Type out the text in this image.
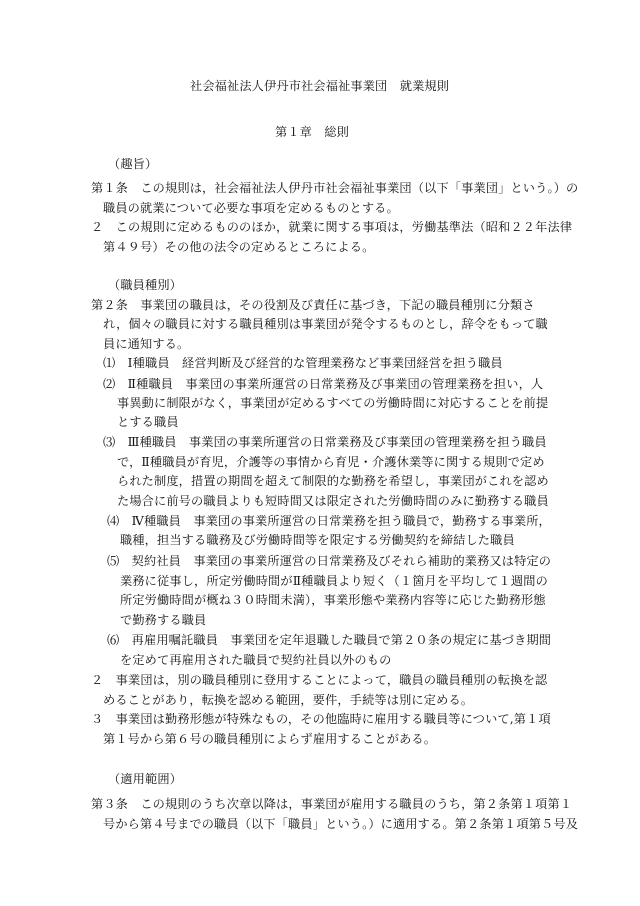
社会福祉法人伊丹市社会福祉事業団　就業規則
第１章　総則
（趣旨）
第１条　この規則は，社会福祉法人伊丹市社会福祉事業団（以下「事業団」という。）の
職員の就業について必要な事項を定めるものとする。
２　この規則に定めるもののほか，就業に関する事項は，労働基準法（昭和２２年法律
第４９号）その他の法令の定めるところによる。
（職員種別）
第２条　事業団の職員は，その役割及び責任に基づき，下記の職員種別に分類さ
れ，個々の職員に対する職員種別は事業団が発令するものとし，辞令をもって職
員に通知する。
⑴　Ⅰ種職員　経営判断及び経営的な管理業務など事業団経営を担う職員
⑵　Ⅱ種職員　事業団の事業所運営の日常業務及び事業団の管理業務を担い，人
事異動に制限がなく，事業団が定めるすべての労働時間に対応することを前提
とする職員
⑶　Ⅲ種職員　事業団の事業所運営の日常業務及び事業団の管理業務を担う職員
で，Ⅱ種職員が育児，介護等の事情から育児・介護休業等に関する規則で定め
られた制度，措置の期間を超えて制限的な勤務を希望し，事業団がこれを認め
た場合に前号の職員よりも短時間又は限定された労働時間のみに勤務する職員
⑷　Ⅳ種職員　事業団の事業所運営の日常業務を担う職員で，勤務する事業所，
職種，担当する職務及び労働時間等を限定する労働契約を締結した職員
⑸　契約社員　事業団の事業所運営の日常業務及びそれら補助的業務又は特定の
業務に従事し，所定労働時間がⅡ種職員より短く（１箇月を平均して１週間の
所定労働時間が概ね３０時間未満），事業形態や業務内容等に応じた勤務形態
で勤務する職員
⑹　再雇用嘱託職員　事業団を定年退職した職員で第２０条の規定に基づき期間
を定めて再雇用された職員で契約社員以外のもの
２　事業団は，別の職員種別に登用することによって，職員の職員種別の転換を認
めることがあり，転換を認める範囲，要件，手続等は別に定める。
３　事業団は勤務形態が特殊なもの，その他臨時に雇用する職員等について,第１項
第１号から第６号の職員種別によらず雇用することがある。
（適用範囲）
第３条　この規則のうち次章以降は，事業団が雇用する職員のうち，第２条第１項第１
号から第４号までの職員（以下「職員」という。）に適用する。第２条第１項第５号及
